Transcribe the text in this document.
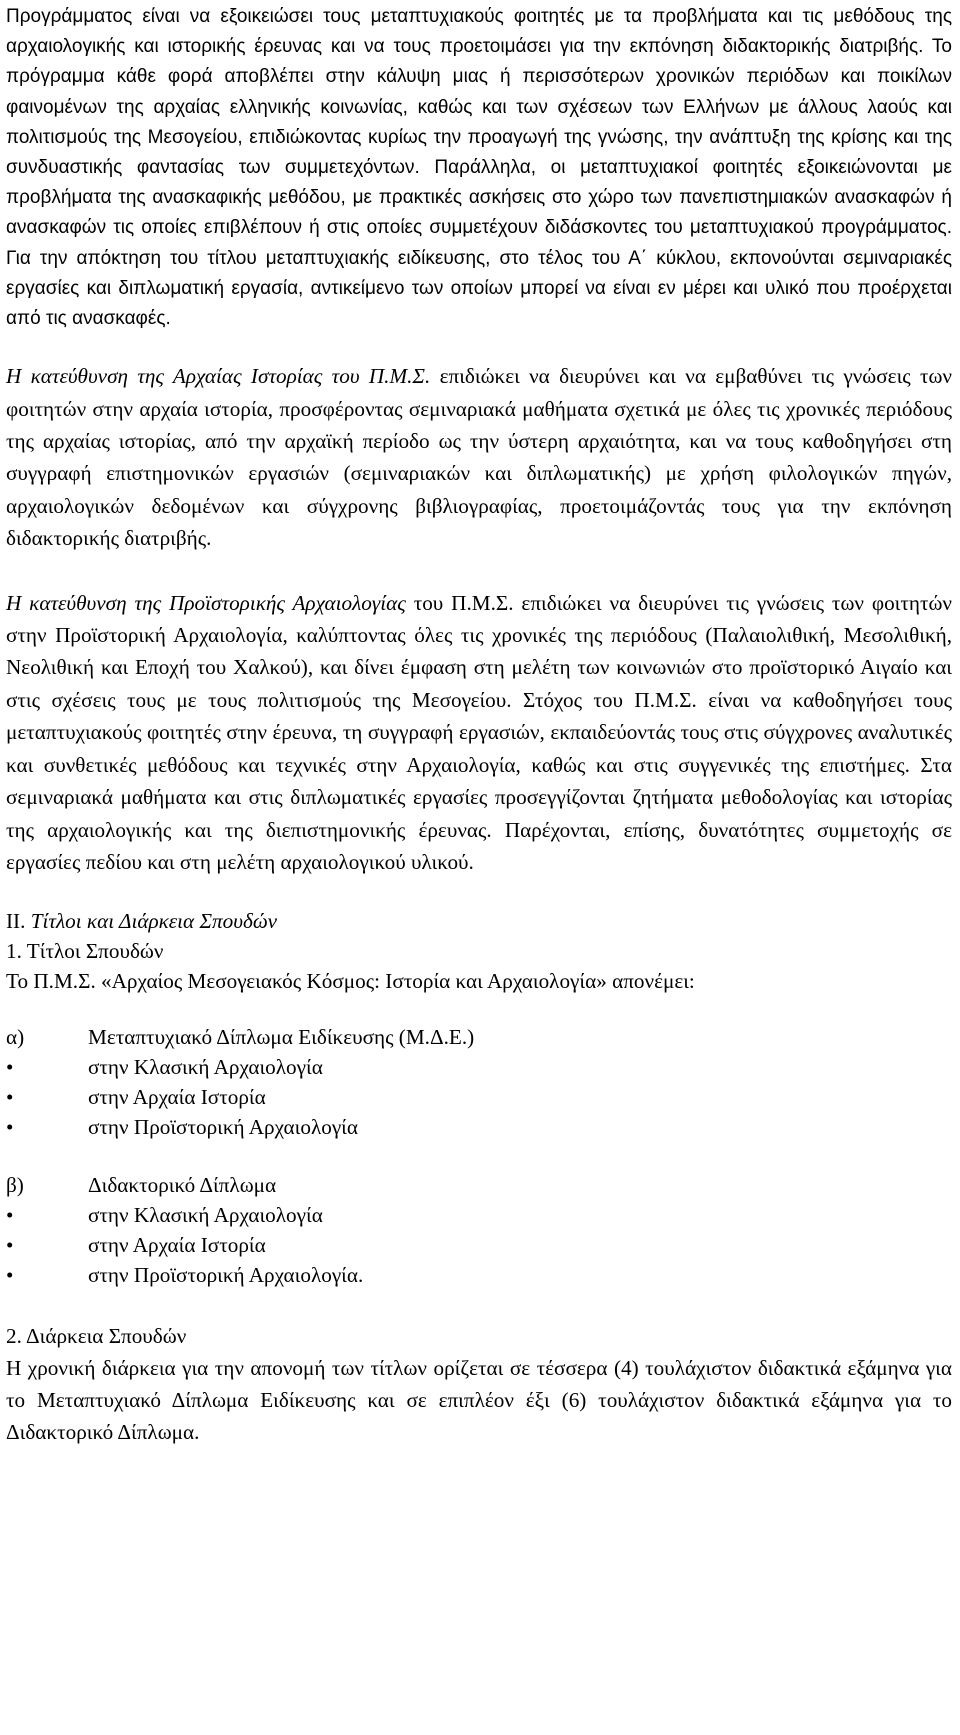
Προγράμματος είναι να εξοικειώσει τους μεταπτυχιακούς φοιτητές με τα προβλήματα και τις μεθόδους της αρχαιολογικής και ιστορικής έρευνας και να τους προετοιμάσει για την εκπόνηση διδακτορικής διατριβής. Το πρόγραμμα κάθε φορά αποβλέπει στην κάλυψη μιας ή περισσότερων χρονικών περιόδων και ποικίλων φαινομένων της αρχαίας ελληνικής κοινωνίας, καθώς και των σχέσεων των Ελλήνων με άλλους λαούς και πολιτισμούς της Μεσογείου, επιδιώκοντας κυρίως την προαγωγή της γνώσης, την ανάπτυξη της κρίσης και της συνδυαστικής φαντασίας των συμμετεχόντων. Παράλληλα, οι μεταπτυχιακοί φοιτητές εξοικειώνονται με προβλήματα της ανασκαφικής μεθόδου, με πρακτικές ασκήσεις στο χώρο των πανεπιστημιακών ανασκαφών ή ανασκαφών τις οποίες επιβλέπουν ή στις οποίες συμμετέχουν διδάσκοντες του μεταπτυχιακού προγράμματος. Για την απόκτηση του τίτλου μεταπτυχιακής ειδίκευσης, στο τέλος του Α΄ κύκλου, εκπονούνται σεμιναριακές εργασίες και διπλωματική εργασία, αντικείμενο των οποίων μπορεί να είναι εν μέρει και υλικό που προέρχεται από τις ανασκαφές.

Η κατεύθυνση της Αρχαίας Ιστορίας του Π.Μ.Σ. επιδιώκει να διευρύνει και να εμβαθύνει τις γνώσεις των φοιτητών στην αρχαία ιστορία, προσφέροντας σεμιναριακά μαθήματα σχετικά με όλες τις χρονικές περιόδους της αρχαίας ιστορίας, από την αρχαϊκή περίοδο ως την ύστερη αρχαιότητα, και να τους καθοδηγήσει στη συγγραφή επιστημονικών εργασιών (σεμιναριακών και διπλωματικής) με χρήση φιλολογικών πηγών, αρχαιολογικών δεδομένων και σύγχρονης βιβλιογραφίας, προετοιμάζοντάς τους για την εκπόνηση διδακτορικής διατριβής.

Η κατεύθυνση της Προϊστορικής Αρχαιολογίας του Π.Μ.Σ. επιδιώκει να διευρύνει τις γνώσεις των φοιτητών στην Προϊστορική Αρχαιολογία, καλύπτοντας όλες τις χρονικές της περιόδους (Παλαιολιθική, Μεσολιθική, Νεολιθική και Εποχή του Χαλκού), και δίνει έμφαση στη μελέτη των κοινωνιών στο προϊστορικό Αιγαίο και στις σχέσεις τους με τους πολιτισμούς της Μεσογείου. Στόχος του Π.Μ.Σ. είναι να καθοδηγήσει τους μεταπτυχιακούς φοιτητές στην έρευνα, τη συγγραφή εργασιών, εκπαιδεύοντάς τους στις σύγχρονες αναλυτικές και συνθετικές μεθόδους και τεχνικές στην Αρχαιολογία, καθώς και στις συγγενικές της επιστήμες. Στα σεμιναριακά μαθήματα και στις διπλωματικές εργασίες προσεγγίζονται ζητήματα μεθοδολογίας και ιστορίας της αρχαιολογικής και της διεπιστημονικής έρευνας. Παρέχονται, επίσης, δυνατότητες συμμετοχής σε εργασίες πεδίου και στη μελέτη αρχαιολογικού υλικού.

ΙΙ. Τίτλοι και Διάρκεια Σπουδών
1. Τίτλοι Σπουδών
Το Π.Μ.Σ. «Αρχαίος Μεσογειακός Κόσμος: Ιστορία και Αρχαιολογία» απονέμει:
α)	Μεταπτυχιακό Δίπλωμα Ειδίκευσης (Μ.Δ.Ε.)
•	στην Κλασική Αρχαιολογία
•	στην Αρχαία Ιστορία
•	στην Προϊστορική Αρχαιολογία
β)	Διδακτορικό Δίπλωμα
•	στην Κλασική Αρχαιολογία
•	στην Αρχαία Ιστορία
•	στην Προϊστορική Αρχαιολογία.
2. Διάρκεια Σπουδών
Η χρονική διάρκεια για την απονομή των τίτλων ορίζεται σε τέσσερα (4) τουλάχιστον διδακτικά εξάμηνα για το Μεταπτυχιακό Δίπλωμα Ειδίκευσης και σε επιπλέον έξι (6) τουλάχιστον διδακτικά εξάμηνα για το Διδακτορικό Δίπλωμα.
